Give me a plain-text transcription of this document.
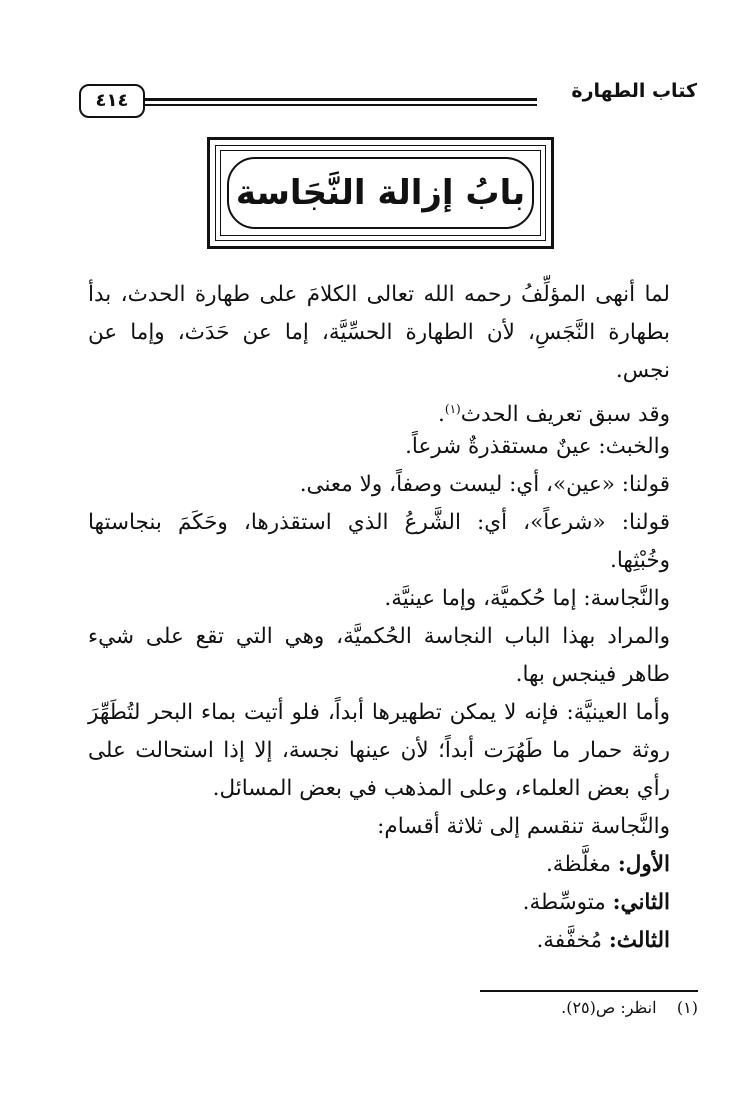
كتاب الطهارة
٤١٤
بابُ إزالة النَّجَاسة
لما أنهى المؤلِّفُ رحمه الله تعالى الكلامَ على طهارة الحدث، بدأ بطهارة النَّجَسِ، لأن الطهارة الحسِّيَّة، إما عن حَدَث، وإما عن نجس.
وقد سبق تعريف الحدث$^{(١)}$.
والخبث: عينٌ مستقذرةٌ شرعاً.
قولنا: «عين»، أي: ليست وصفاً، ولا معنى.
قولنا: «شرعاً»، أي: الشَّرعُ الذي استقذرها، وحَكَمَ بنجاستها وخُبْثِها.
والنَّجاسة: إما حُكميَّة، وإما عينيَّة.
والمراد بهذا الباب النجاسة الحُكميَّة، وهي التي تقع على شيء طاهر فينجس بها.
وأما العينيَّة: فإنه لا يمكن تطهيرها أبداً، فلو أتيت بماء البحر لتُطَهِّرَ روثة حمار ما طَهُرَت أبداً؛ لأن عينها نجسة، إلا إذا استحالت على رأي بعض العلماء، وعلى المذهب في بعض المسائل.
والنَّجاسة تنقسم إلى ثلاثة أقسام:
الأول: مغلَّظة.
الثاني: متوسِّطة.
الثالث: مُخفَّفة.
(١)    انظر: ص(٢٥).
